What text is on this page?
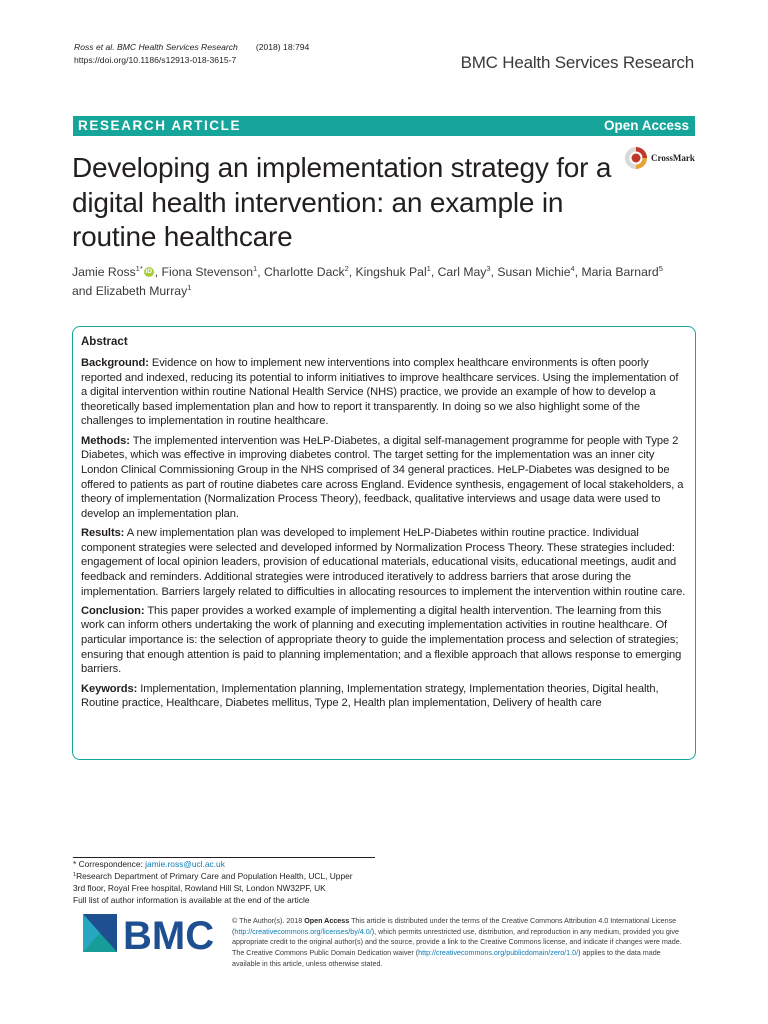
Ross et al. BMC Health Services Research (2018) 18:794
https://doi.org/10.1186/s12913-018-3615-7	BMC Health Services Research
RESEARCH ARTICLE	Open Access
Developing an implementation strategy for a digital health intervention: an example in routine healthcare
CrossMark
Jamie Ross$^{1*}$ iD , Fiona Stevenson$^1$, Charlotte Dack$^2$, Kingshuk Pal$^1$, Carl May$^3$, Susan Michie$^4$, Maria Barnard$^5$
and Elizabeth Murray$^1$
Abstract

Background: Evidence on how to implement new interventions into complex healthcare environments is often poorly reported and indexed, reducing its potential to inform initiatives to improve healthcare services. Using the implementation of a digital intervention within routine National Health Service (NHS) practice, we provide an example of how to develop a theoretically based implementation plan and how to report it transparently. In doing so we also highlight some of the challenges to implementation in routine healthcare.

Methods: The implemented intervention was HeLP-Diabetes, a digital self-management programme for people with Type 2 Diabetes, which was effective in improving diabetes control. The target setting for the implementation was an inner city London Clinical Commissioning Group in the NHS comprised of 34 general practices. HeLP-Diabetes was designed to be offered to patients as part of routine diabetes care across England. Evidence synthesis, engagement of local stakeholders, a theory of implementation (Normalization Process Theory), feedback, qualitative interviews and usage data were used to develop an implementation plan.

Results: A new implementation plan was developed to implement HeLP-Diabetes within routine practice. Individual component strategies were selected and developed informed by Normalization Process Theory. These strategies included: engagement of local opinion leaders, provision of educational materials, educational visits, educational meetings, audit and feedback and reminders. Additional strategies were introduced iteratively to address barriers that arose during the implementation. Barriers largely related to difficulties in allocating resources to implement the intervention within routine care.

Conclusion: This paper provides a worked example of implementing a digital health intervention. The learning from this work can inform others undertaking the work of planning and executing implementation activities in routine healthcare. Of particular importance is: the selection of appropriate theory to guide the implementation process and selection of strategies; ensuring that enough attention is paid to planning implementation; and a flexible approach that allows response to emerging barriers.

Keywords: Implementation, Implementation planning, Implementation strategy, Implementation theories, Digital health, Routine practice, Healthcare, Diabetes mellitus, Type 2, Health plan implementation, Delivery of health care

* Correspondence: jamie.ross@ucl.ac.uk
$^1$Research Department of Primary Care and Population Health, UCL, Upper
3rd floor, Royal Free hospital, Rowland Hill St, London NW32PF, UK
Full list of author information is available at the end of the article
BMC	© The Author(s). 2018 Open Access This article is distributed under the terms of the Creative Commons Attribution 4.0 International License (http://creativecommons.org/licenses/by/4.0/), which permits unrestricted use, distribution, and reproduction in any medium, provided you give appropriate credit to the original author(s) and the source, provide a link to the Creative Commons license, and indicate if changes were made. The Creative Commons Public Domain Dedication waiver (http://creativecommons.org/publicdomain/zero/1.0/) applies to the data made available in this article, unless otherwise stated.
